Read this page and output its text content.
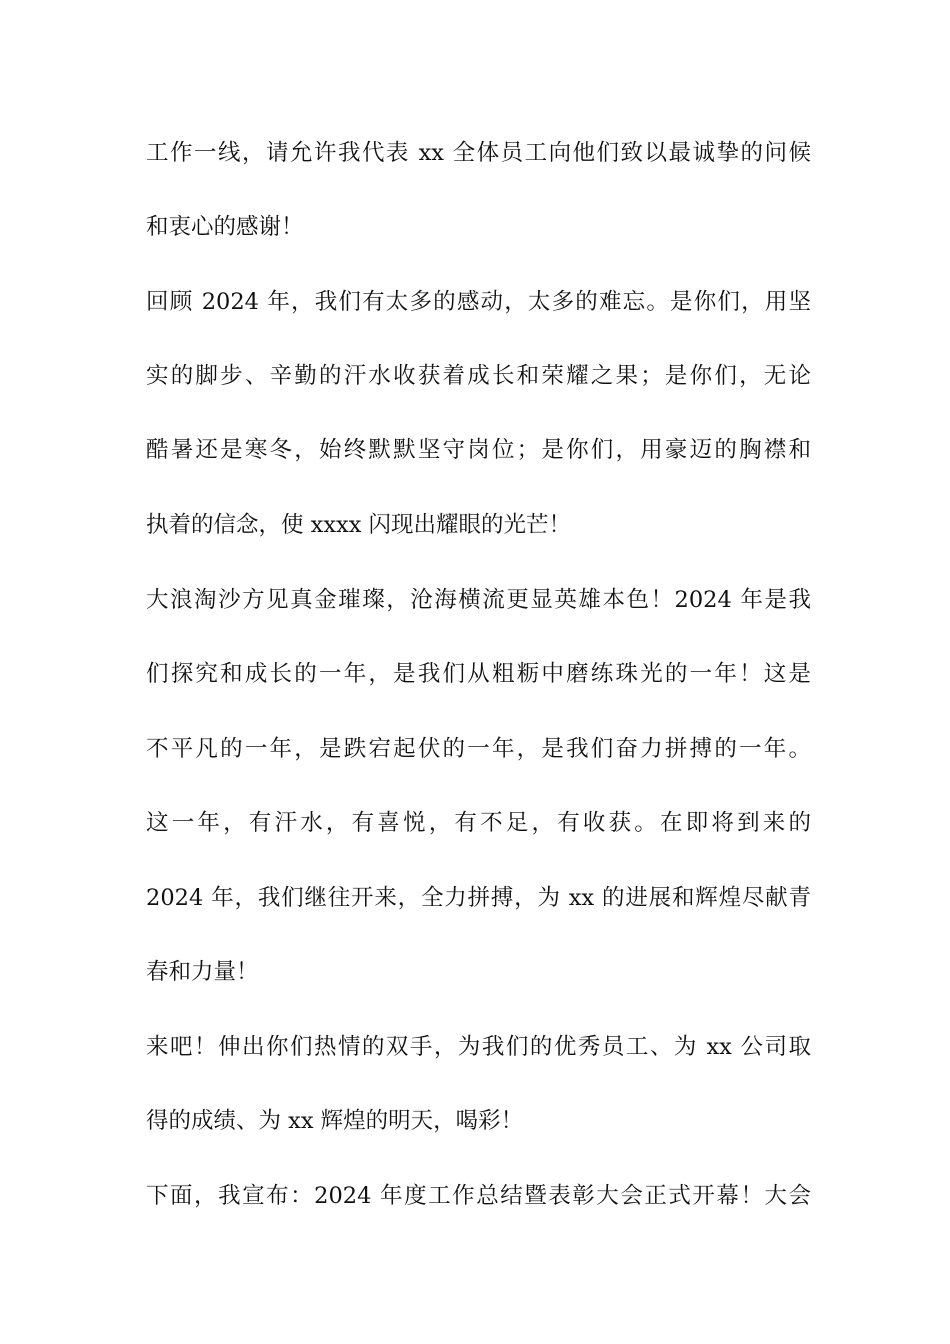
工作一线，请允许我代表 xx 全体员工向他们致以最诚挚的问候
和衷心的感谢！
回顾 2024 年，我们有太多的感动，太多的难忘。是你们，用坚
实的脚步、辛勤的汗水收获着成长和荣耀之果；是你们，无论
酷暑还是寒冬，始终默默坚守岗位；是你们，用豪迈的胸襟和
执着的信念，使 xxxx 闪现出耀眼的光芒！
大浪淘沙方见真金璀璨，沧海横流更显英雄本色！2024 年是我
们探究和成长的一年，是我们从粗粝中磨练珠光的一年！这是
不平凡的一年，是跌宕起伏的一年，是我们奋力拼搏的一年。
这一年，有汗水，有喜悦，有不足，有收获。在即将到来的
2024 年，我们继往开来，全力拼搏，为 xx 的进展和辉煌尽献青
春和力量！
来吧！伸出你们热情的双手，为我们的优秀员工、为 xx 公司取
得的成绩、为 xx 辉煌的明天，喝彩！
下面，我宣布：2024 年度工作总结暨表彰大会正式开幕！大会
